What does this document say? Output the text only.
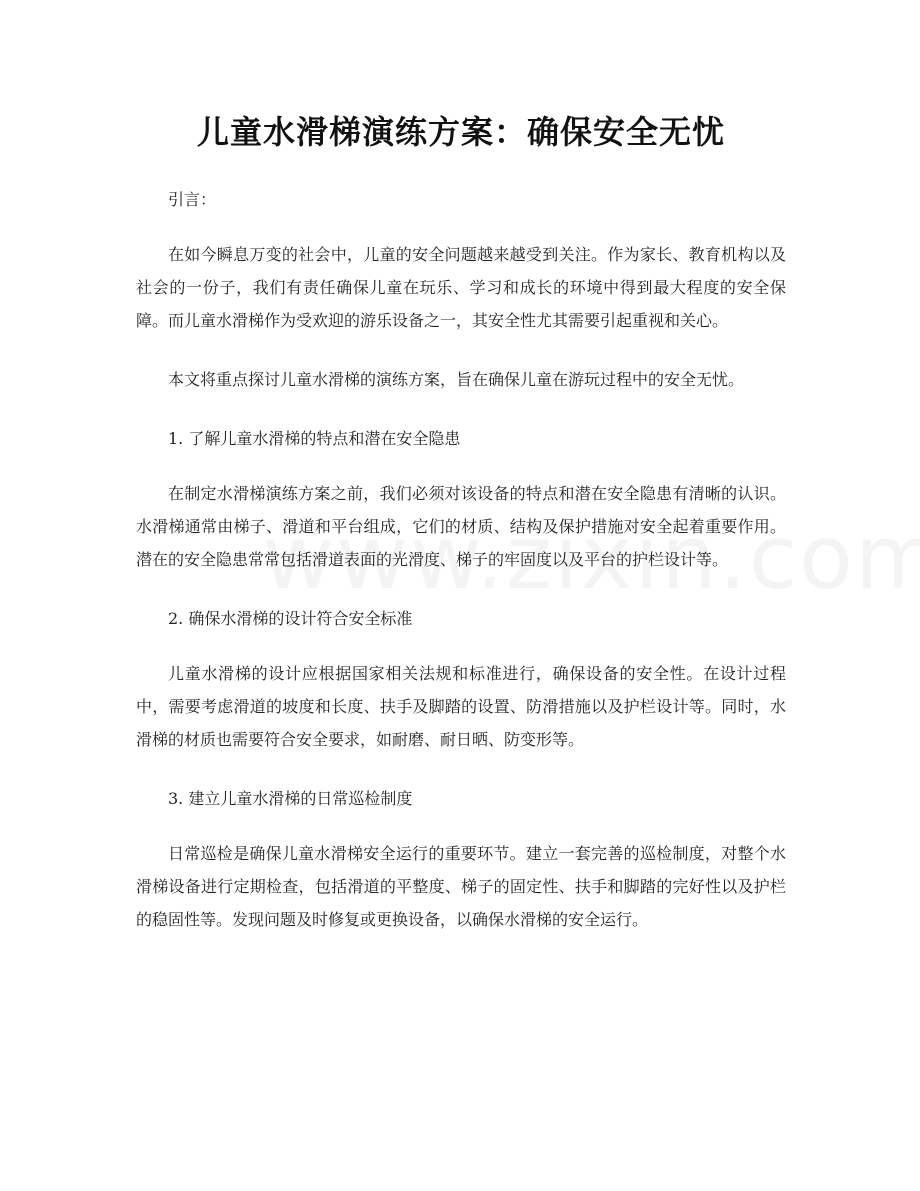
儿童水滑梯演练方案：确保安全无忧

引言：

在如今瞬息万变的社会中，儿童的安全问题越来越受到关注。作为家长、教育机构以及社会的一份子，我们有责任确保儿童在玩乐、学习和成长的环境中得到最大程度的安全保障。而儿童水滑梯作为受欢迎的游乐设备之一，其安全性尤其需要引起重视和关心。

本文将重点探讨儿童水滑梯的演练方案，旨在确保儿童在游玩过程中的安全无忧。

1. 了解儿童水滑梯的特点和潜在安全隐患

在制定水滑梯演练方案之前，我们必须对该设备的特点和潜在安全隐患有清晰的认识。水滑梯通常由梯子、滑道和平台组成，它们的材质、结构及保护措施对安全起着重要作用。潜在的安全隐患常常包括滑道表面的光滑度、梯子的牢固度以及平台的护栏设计等。

2. 确保水滑梯的设计符合安全标准

儿童水滑梯的设计应根据国家相关法规和标准进行，确保设备的安全性。在设计过程中，需要考虑滑道的坡度和长度、扶手及脚踏的设置、防滑措施以及护栏设计等。同时，水滑梯的材质也需要符合安全要求，如耐磨、耐日晒、防变形等。

3. 建立儿童水滑梯的日常巡检制度

日常巡检是确保儿童水滑梯安全运行的重要环节。建立一套完善的巡检制度，对整个水滑梯设备进行定期检查，包括滑道的平整度、梯子的固定性、扶手和脚踏的完好性以及护栏的稳固性等。发现问题及时修复或更换设备，以确保水滑梯的安全运行。
